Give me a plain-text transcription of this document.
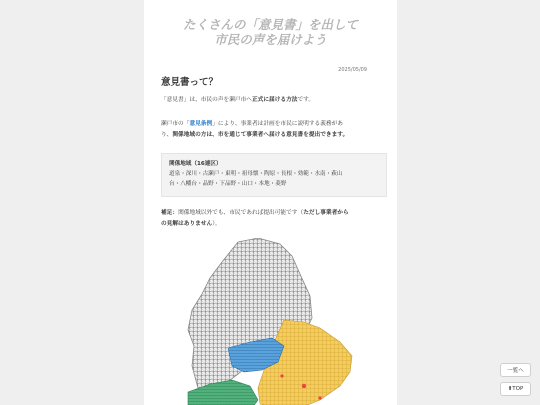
たくさんの「意見書」を出して
市民の声を届けよう
2025/05/09
意見書って？
「意見書」は、市民の声を瀬戸市へ正式に届ける方法です。
瀬戸市の「意見条例」により、事業者は計画を市民に説明する義務があ
り、関係地域の方は、市を通じて事業者へ届ける意見書を提出できます。
関係地域（16連区）
道泉・深川・古瀬戸・東明・祖母懐・陶原・長根・効範・水南・萩山
台・八幡台・品野・下品野・山口・本地・菱野
補足：関係地域以外でも、市民であれば提出可能です（ただし事業者から
の見解はありません）。
一覧へ
⬆TOP
